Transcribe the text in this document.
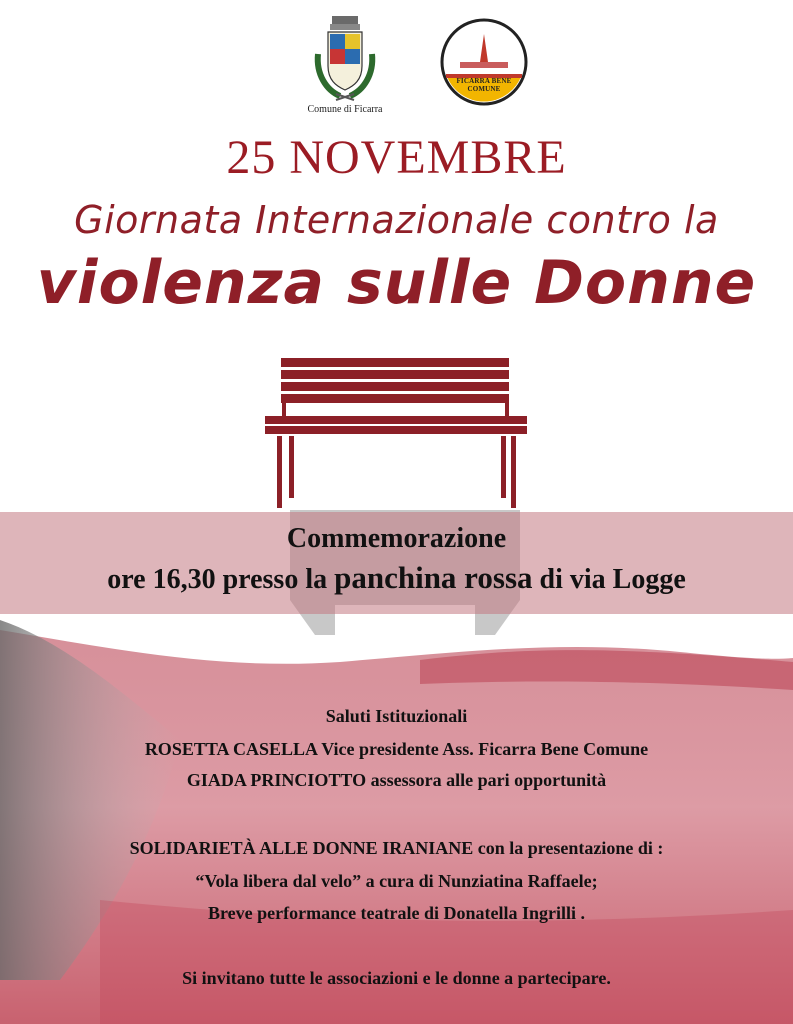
Comune di Ficarra
FICARRA BENE COMUNE
25 NOVEMBRE
Giornata Internazionale contro la
violenza sulle Donne
Commemorazione
ore 16,30 presso la panchina rossa di via Logge
Saluti Istituzionali
ROSETTA CASELLA Vice presidente Ass. Ficarra Bene Comune
GIADA PRINCIOTTO assessora alle pari opportunità
SOLIDARIETÀ ALLE DONNE IRANIANE con la presentazione di :
“Vola libera dal velo” a cura di Nunziatina Raffaele;
Breve performance teatrale di Donatella Ingrilli .
Si invitano tutte le associazioni e le donne a partecipare.
